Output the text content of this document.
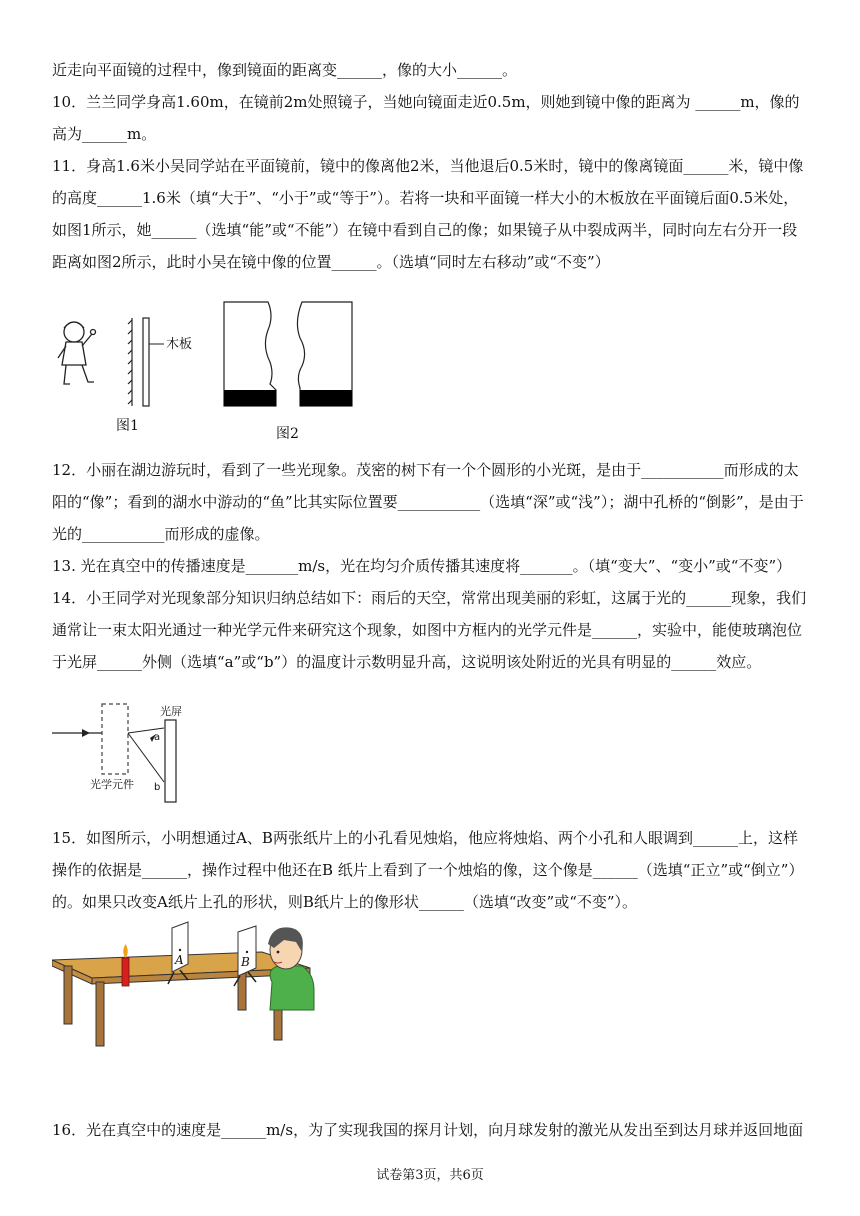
近走向平面镜的过程中，像到镜面的距离变______，像的大小______。

10．兰兰同学身高1.60m，在镜前2m处照镜子，当她向镜面走近0.5m，则她到镜中像的距离为 ______m，像的高为______m。

11．身高1.6米小吴同学站在平面镜前，镜中的像离他2米，当他退后0.5米时，镜中的像离镜面______米，镜中像的高度______1.6米（填“大于”、“小于”或“等于”）。若将一块和平面镜一样大小的木板放在平面镜后面0.5米处，如图1所示，她______（选填“能”或“不能”）在镜中看到自己的像；如果镜子从中裂成两半，同时向左右分开一段距离如图2所示，此时小吴在镜中像的位置______。（选填“同时左右移动”或“不变”）

木板
图1	图2

12．小丽在湖边游玩时，看到了一些光现象。茂密的树下有一个个圆形的小光斑，是由于___________而形成的太阳的“像”；看到的湖水中游动的“鱼”比其实际位置要___________（选填“深”或“浅”）；湖中孔桥的“倒影”，是由于光的___________而形成的虚像。

13. 光在真空中的传播速度是_______m/s，光在均匀介质传播其速度将_______。（填“变大”、“变小”或“不变”）

14．小王同学对光现象部分知识归纳总结如下：雨后的天空，常常出现美丽的彩虹，这属于光的______现象，我们通常让一束太阳光通过一种光学元件来研究这个现象，如图中方框内的光学元件是______，实验中，能使玻璃泡位于光屏______外侧（选填“a”或“b”）的温度计示数明显升高，这说明该处附近的光具有明显的______效应。

光屏
a
b
光学元件

15．如图所示，小明想通过A、B两张纸片上的小孔看见烛焰，他应将烛焰、两个小孔和人眼调到______上，这样操作的依据是______，操作过程中他还在B 纸片上看到了一个烛焰的像，这个像是______（选填“正立”或“倒立”）的。如果只改变A纸片上孔的形状，则B纸片上的像形状______（选填“改变”或“不变”）。

A	B

16．光在真空中的速度是______m/s，为了实现我国的探月计划，向月球发射的激光从发出至到达月球并返回地面

试卷第3页，共6页
